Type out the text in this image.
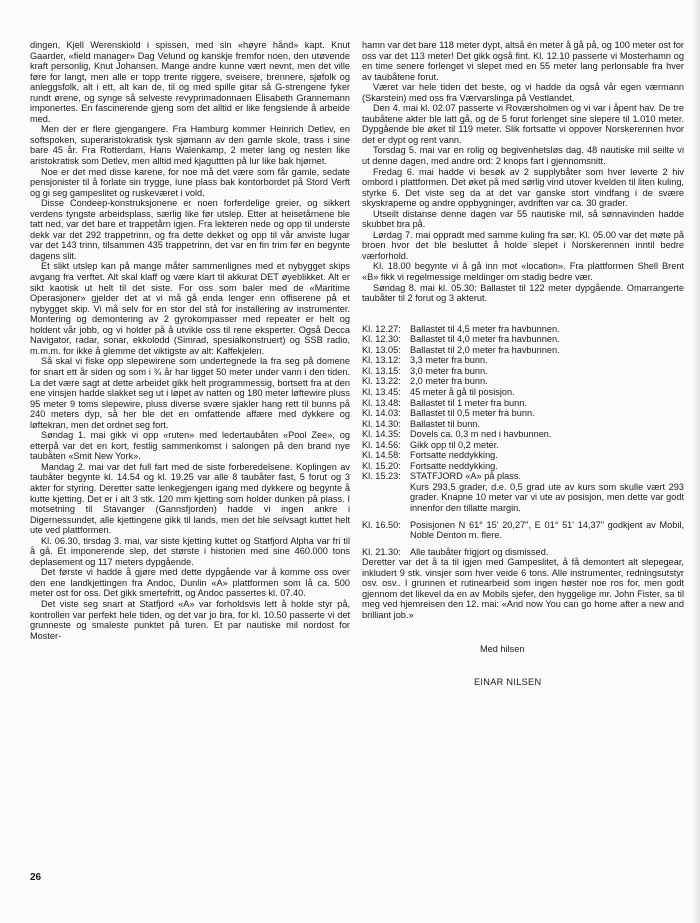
dingen, Kjell Werenskiold i spissen, med sin «høyre hånd» kapt. Knut Gaarder, «field manager» Dag Velund og kanskje fremfor noen, den utøvende kraft personlig, Knut Johansen. Mange andre kunne vært nevnt, men det ville føre for langt, men alle er topp trente riggere, sveisere, brennere, sjøfolk og anleggsfolk, alt i ett, alt kan de, til og med spille gitar så G-strengene fyker rundt ørene, og synge så selveste revyprimadonnaen Elisabeth Grannemann imponertes. En fascinerende gjeng som det alltid er like fengslende å arbeide med.

Men der er flere gjengangere. Fra Hamburg kommer Heinrich Detlev, en softspoken, superaristokratisk tysk sjømann av den gamle skole, trass i sine bare 45 år. Fra Rotterdam, Hans Walenkamp, 2 meter lang og nesten like aristokratisk som Detlev, men alltid med kjaguttten på lur like bak hjørnet.

Noe er det med disse karene, for noe må det være som får gamle, sedate pensjonister til å forlate sin trygge, lune plass bak kontorbordet på Stord Verft og gi seg gampeslitet og ruskeværet i vold.

Disse Condeep-konstruksjonene er noen forferdelige greier, og sikkert verdens tyngste arbeidsplass, særlig like før utslep. Etter at heisetårnene ble tatt ned, var det bare et trappetårn igjen. Fra lekteren nede og opp til underste dekk var det 292 trappetrinn, og fra dette dekket og opp til vår anviste lugar var det 143 trinn, tilsammen 435 trappetrinn, det var en fin trim før en begynte dagens slit.

Et slikt utslep kan på mange måter sammenlignes med et nybygget skips avgang fra verftet. Alt skal klaff og være klart til akkurat DET øyeblikket. Alt er sikt kaotisk ut helt til det siste. For oss som baler med de «Maritime Operasjoner» gjelder det at vi må gå enda lenger enn offiserene på et nybygget skip. Vi må selv for en stor del stå for installering av instrumenter. Montering og demontering av 2 gyrokompasser med repeater er helt og holdent vår jobb, og vi holder på å utvikle oss til rene eksperter. Også Decca Navigator, radar, sonar, ekkolodd (Simrad, spesialkonstruert) og SSB radio, m.m.m. for ikke å glemme det viktigste av alt: Kaffekjelen.

Så skal vi fiske opp slepewirene som undertegnede la fra seg på domene for snart ett år siden og som i ¾ år har ligget 50 meter under vann i den tiden. La det være sagt at dette arbeidet gikk helt programmessig, bortsett fra at den ene vinsjen hadde slakket seg ut i løpet av natten og 180 meter løftewire pluss 95 meter 9 toms slepewire, pluss diverse svære sjakler hang rett til bunns på 240 meters dyp, så her ble det en omfattende affære med dykkere og løftekran, men det ordnet seg fort.

Søndag 1. mai gikk vi opp «ruten» med ledertaubåten «Pool Zee», og etterpå var det en kort, festlig sammenkomst i salongen på den brand nye taubåten «Smit New York».

Mandag 2. mai var det full fart med de siste forberedelsene. Koplingen av taubåter begynte kl. 14.54 og kl. 19.25 var alle 8 taubåter fast, 5 forut og 3 akter for styring. Deretter satte lenkegjengen igang med dykkere og begynte å kutte kjetting. Det er i alt 3 stk. 120 mm kjetting som holder dunken på plass. I motsetning til Stavanger (Gannsfjorden) hadde vi ingen ankre i Digernessundet, alle kjettingene gikk til lands, men det ble selvsagt kuttet helt ute ved plattformen.

Kl. 06.30, tirsdag 3. mai, var siste kjetting kuttet og Statfjord Alpha var fri til å gå. Et imponerende slep, det største i historien med sine 460.000 tons deplasement og 117 meters dypgående.

Det første vi hadde å gjøre med dette dypgående var å komme oss over den ene landkjettingen fra Andoc, Dunlin «A» plattformen som lå ca. 500 meter ost for oss. Det gikk smertefritt, og Andoc passertes kl. 07.40.

Det viste seg snart at Statfjord «A» var forholdsvis lett å holde styr på, kontrollen var perfekt hele tiden, og det var jo bra, for kl. 10.50 passerte vi det grunneste og smaleste punktet på turen. Et par nautiske mil nordost for Moster-

hamn var det bare 118 meter dypt, altså én meter å gå på, og 100 meter ost for oss var det 113 meter! Det gikk også fint. Kl. 12.10 passerte vi Mosterhamn og en time senere forlenget vi slepet med en 55 meter lang perlonsable fra hver av taubåtene forut.

Været var hele tiden det beste, og vi hadde da også vår egen værmann (Skarstein) med oss fra Værvarslinga på Vestlandet.

Den 4. mai kl. 02.07 passerte vi Roværsholmen og vi var i åpent hav. De tre taubåtene akter ble latt gå, og de 5 forut forlenget sine slepere til 1.010 meter. Dypgående ble øket til 119 meter. Slik fortsatte vi oppover Norskerennen hvor det er dypt og rent vann.

Torsdag 5. mai var en rolig og begivenhetsløs dag. 48 nautiske mil seilte vi ut denne dagen, med andre ord: 2 knops fart i gjennomsnitt.

Fredag 6. mai hadde vi besøk av 2 supplybåter som hver leverte 2 hiv ombord i plattformen. Det øket på med sørlig vind utover kvelden til liten kuling, styrke 6. Det viste seg da at det var ganske stort vindfang i de svære skyskraperne og andre oppbygninger, avdriften var ca. 30 grader.

Utseilt distanse denne dagen var 55 nautiske mil, så sønnavinden hadde skubbet bra på.

Lørdag 7. mai oppradt med samme kuling fra sør. Kl. 05.00 var det møte på broen hvor det ble besluttet å holde slepet i Norskerennen inntil bedre værforhold.

Kl. 18.00 begynte vi å gå inn mot «location». Fra plattformen Shell Brent «B» fikk vi regelmessige meldinger om stadig bedre vær.

Søndag 8. mai kl. 05.30: Ballastet til 122 meter dypgående. Omarrangerte taubåter til 2 forut og 3 akterut.

Kl. 12.27: Ballastet til 4,5 meter fra havbunnen.
Kl. 12.30: Ballastet til 4,0 meter fra havbunnen.
Kl. 13.05: Ballastet til 2,0 meter fra havbunnen.
Kl. 13.12: 3,3 meter fra bunn.
Kl. 13.15: 3,0 meter fra bunn.
Kl. 13.22: 2,0 meter fra bunn.
Kl. 13.45: 45 meter å gå til posisjon.
Kl. 13.48: Ballastet til 1 meter fra bunn.
Kl. 14.03: Ballastet til 0,5 meter fra bunn.
Kl. 14.30: Ballastet til bunn.
Kl. 14.35: Dovels ca. 0,3 m ned i havbunnen.
Kl. 14.56: Gikk opp til 0,2 meter.
Kl. 14.58: Fortsatte neddykking.
Kl. 15.20: Fortsatte neddykking.
Kl. 15.23: STATFJORD «A» på plass.
Kurs 293,5 grader, d.e. 0,5 grad ute av kurs som skulle vært 293 grader. Knapne 10 meter var vi ute av posisjon, men dette var godt innenfor den tillatte margin.
Kl. 16.50: Posisjonen N 61° 15' 20,27", E 01° 51' 14,37" godkjent av Mobil, Noble Denton m. flere.
Kl. 21.30: Alle taubåter frigjort og dismissed.

Deretter var det å ta til igjen med Gampeslitet, å få demontert alt slepegear, inkludert 9 stk. vinsjer som hver veide 6 tons. Alle instrumenter, redningsutstyr osv. osv.. I grunnen et rutinearbeid som ingen høster noe ros for, men godt gjennom det likevel da en av Mobils sjefer, den hyggelige mr. John Fister, sa til meg ved hjemreisen den 12. mai: «And now You can go home after a new and brilliant job.»

Med hilsen
EINAR NILSEN
26
